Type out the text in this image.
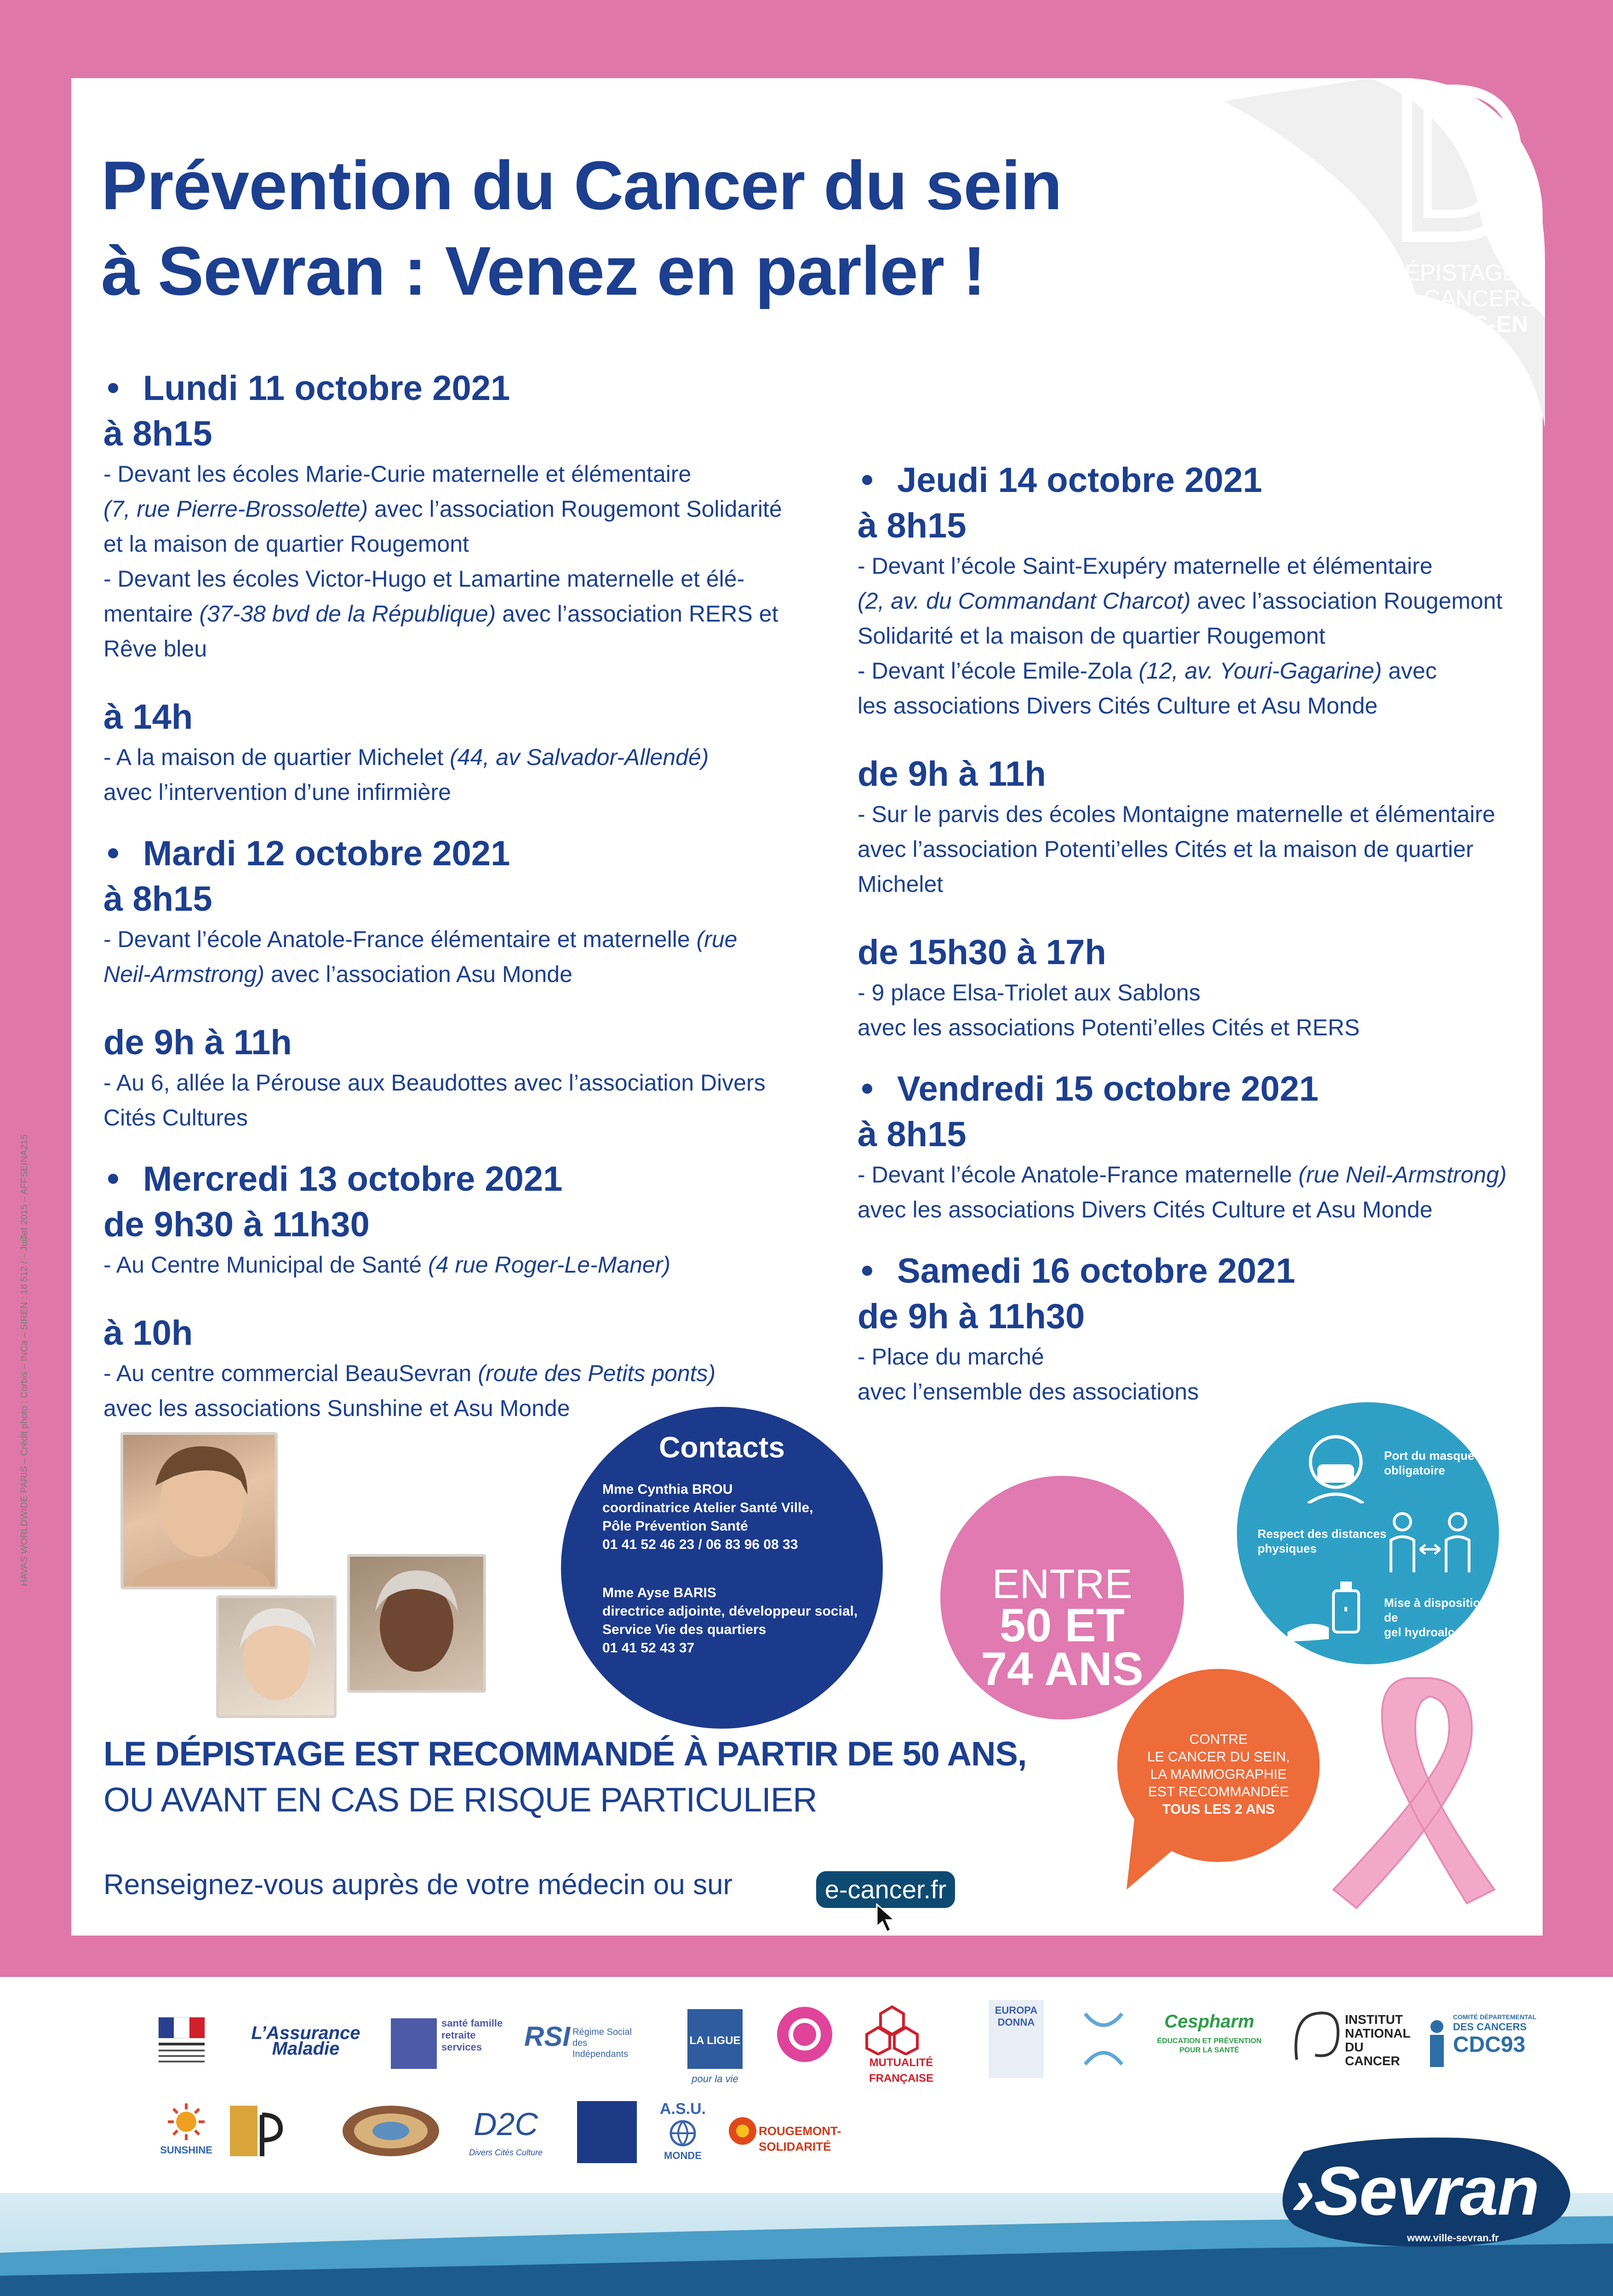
DÉPISTAGE
DES CANCERS
PARLONS-EN
Prévention du Cancer du sein
à Sevran : Venez en parler !

Lundi 11 octobre 2021

à 8h15

- Devant les écoles Marie-Curie maternelle et élémentaire
(7, rue Pierre-Brossolette) avec l’association Rougemont Solidarité
et la maison de quartier Rougemont
- Devant les écoles Victor-Hugo et Lamartine maternelle et élé-
mentaire (37-38 bvd de la République) avec l’association RERS et
Rêve bleu

à 14h

- A la maison de quartier Michelet (44, av Salvador-Allendé)
avec l’intervention d’une infirmière

Mardi 12 octobre 2021

à 8h15

- Devant l’école Anatole-France élémentaire et maternelle (rue
Neil-Armstrong) avec l’association Asu Monde

de 9h à 11h

- Au 6, allée la Pérouse aux Beaudottes avec l’association Divers
Cités Cultures

Mercredi 13 octobre 2021

de 9h30 à 11h30

- Au Centre Municipal de Santé (4 rue Roger-Le-Maner)

à 10h

- Au centre commercial BeauSevran (route des Petits ponts)
avec les associations Sunshine et Asu Monde

Jeudi 14 octobre 2021

à 8h15

- Devant l’école Saint-Exupéry maternelle et élémentaire
(2, av. du Commandant Charcot) avec l’association Rougemont
Solidarité et la maison de quartier Rougemont
- Devant l’école Emile-Zola (12, av. Youri-Gagarine) avec
les associations Divers Cités Culture et Asu Monde

de 9h à 11h

- Sur le parvis des écoles Montaigne maternelle et élémentaire
avec l’association Potenti’elles Cités et la maison de quartier
Michelet

de 15h30 à 17h

- 9 place Elsa-Triolet aux Sablons
avec les associations Potenti’elles Cités et RERS

Vendredi 15 octobre 2021

à 8h15

- Devant l’école Anatole-France maternelle (rue Neil-Armstrong)
avec les associations Divers Cités Culture et Asu Monde

Samedi 16 octobre 2021

de 9h à 11h30

- Place du marché
avec l’ensemble des associations

Contacts
Mme Cynthia BROU
coordinatrice Atelier Santé Ville,
Pôle Prévention Santé
01 41 52 46 23 / 06 83 96 08 33
Mme Ayse BARIS
directrice adjointe, développeur social,
Service Vie des quartiers
01 41 52 43 37
ENTRE
50 ET
74 ANS
CONTRE
LE CANCER DU SEIN,
LA MAMMOGRAPHIE
EST RECOMMANDÉE
TOUS LES 2 ANS
Port du masque
obligatoire
Respect des distances
physiques
Mise à disposition de
gel hydroalcoolique
LE DÉPISTAGE EST RECOMMANDÉ À PARTIR DE 50 ANS,
OU AVANT EN CAS DE RISQUE PARTICULIER
Renseignez-vous auprès de votre médecin ou sur	e-cancer.fr
L’Assurance Maladie
santé famille retraite services	RSI Régime Social des Indépendants
LA LIGUE
pour la vie
MUTUALITÉ FRANÇAISE
EUROPA DONNA	Cespharm
ÉDUCATION ET PRÉVENTION POUR LA SANTÉ
INSTITUT
NATIONAL
DU CANCER
COMITÉ DÉPARTEMENTAL
DES CANCERS
CDC93
SUNSHINE
D2C
Divers Cités Culture
A.S.U.
MONDE
ROUGEMONT-SOLIDARITÉ
›Sevran
www.ville-sevran.fr
HAVAS WORLDWIDE PARIS – Crédit photo : Corbis – INCa – SIREN : 18 512 / – Juillet 2015 – AFFSEINA215
